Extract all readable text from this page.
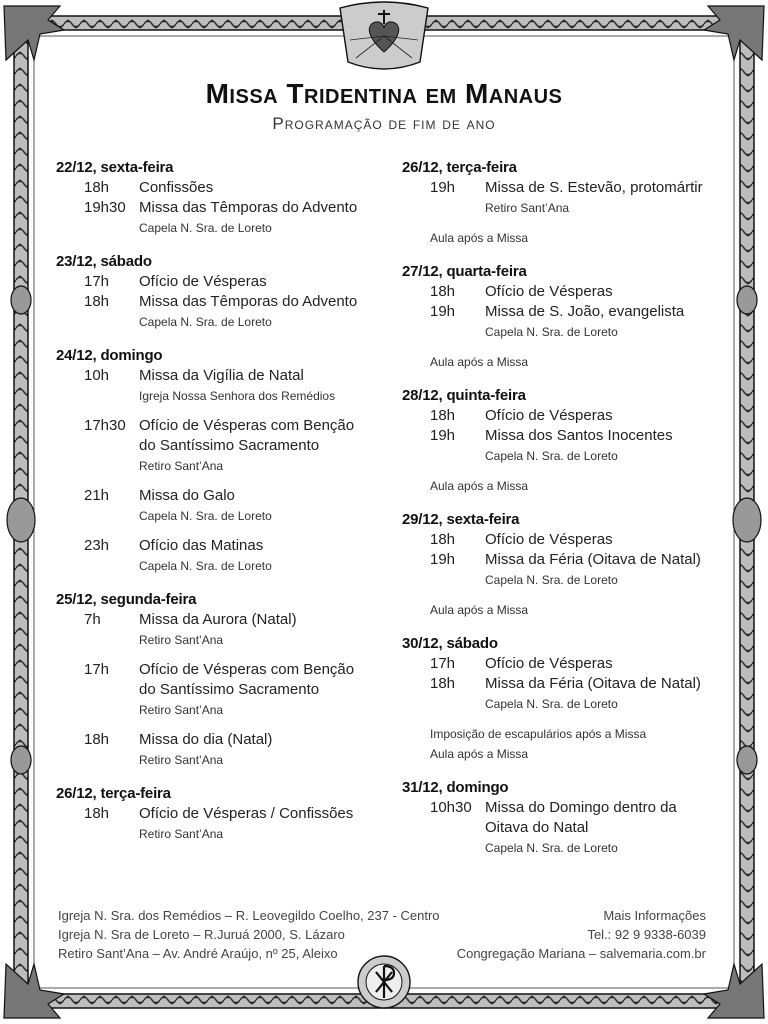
Missa Tridentina em Manaus
Programação de fim de ano
22/12, sexta-feira
18h	Confissões
19h30 Missa das Têmporas do Advento
Capela N. Sra. de Loreto
23/12, sábado
17h	Ofício de Vésperas
18h	Missa das Têmporas do Advento
Capela N. Sra. de Loreto
24/12, domingo
10h	Missa da Vigília de Natal
Igreja Nossa Senhora dos Remédios
17h30 Ofício de Vésperas com Benção
do Santíssimo Sacramento
Retiro Sant’Ana
21h	Missa do Galo
Capela N. Sra. de Loreto
23h	Ofício das Matinas
Capela N. Sra. de Loreto
25/12, segunda-feira
7h	Missa da Aurora (Natal)
Retiro Sant’Ana
17h	Ofício de Vésperas com Benção
do Santíssimo Sacramento
Retiro Sant’Ana
18h	Missa do dia (Natal)
Retiro Sant’Ana
26/12, terça-feira
18h	Ofício de Vésperas / Confissões
Retiro Sant’Ana
26/12, terça-feira
19h	Missa de S. Estevão, protomártir
Retiro Sant’Ana
Aula após a Missa
27/12, quarta-feira
18h	Ofício de Vésperas
19h	Missa de S. João, evangelista
Capela N. Sra. de Loreto
Aula após a Missa
28/12, quinta-feira
18h	Ofício de Vésperas
19h	Missa dos Santos Inocentes
Capela N. Sra. de Loreto
Aula após a Missa
29/12, sexta-feira
18h	Ofício de Vésperas
19h	Missa da Féria (Oitava de Natal)
Capela N. Sra. de Loreto
Aula após a Missa
30/12, sábado
17h	Ofício de Vésperas
18h	Missa da Féria (Oitava de Natal)
Capela N. Sra. de Loreto
Imposição de escapulários após a Missa
Aula após a Missa
31/12, domingo
10h30 Missa do Domingo dentro da
Oitava do Natal
Capela N. Sra. de Loreto
Igreja N. Sra. dos Remédios – R. Leovegildo Coelho, 237 - Centro
Igreja N. Sra de Loreto – R.Juruá 2000, S. Lázaro
Retiro Sant’Ana – Av. André Araújo, nº 25, Aleixo
Mais Informações
Tel.: 92 9 9338-6039
Congregação Mariana – salvemaria.com.br
